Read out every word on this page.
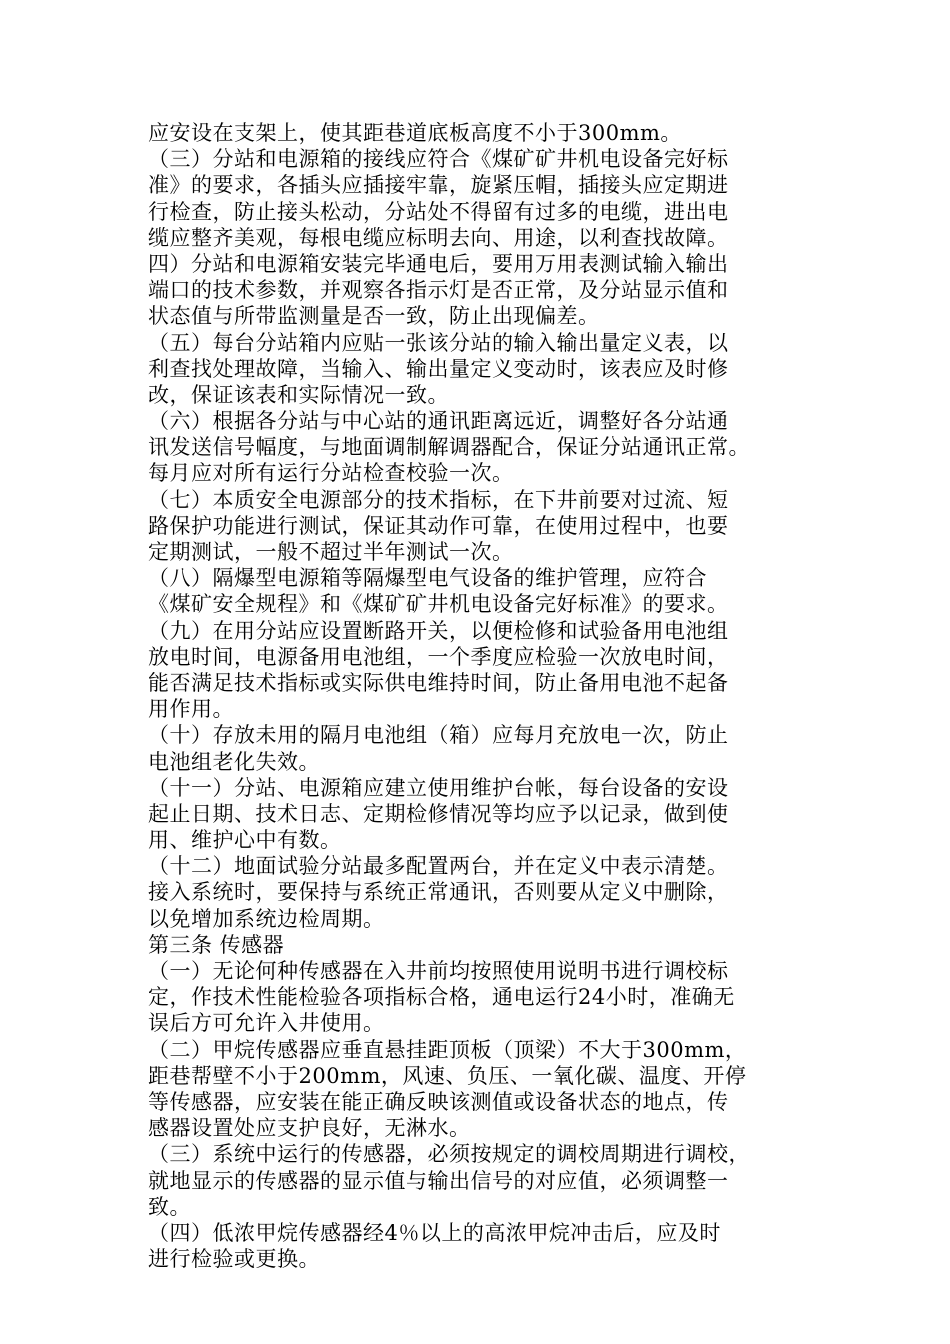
应安设在支架上，使其距巷道底板高度不小于300mm。
（三）分站和电源箱的接线应符合《煤矿矿井机电设备完好标
准》的要求，各插头应插接牢靠，旋紧压帽，插接头应定期进
行检查，防止接头松动，分站处不得留有过多的电缆，进出电
缆应整齐美观，每根电缆应标明去向、用途，以利查找故障。
四）分站和电源箱安装完毕通电后，要用万用表测试输入输出
端口的技术参数，并观察各指示灯是否正常，及分站显示值和
状态值与所带监测量是否一致，防止出现偏差。
（五）每台分站箱内应贴一张该分站的输入输出量定义表，以
利查找处理故障，当输入、输出量定义变动时，该表应及时修
改，保证该表和实际情况一致。
（六）根据各分站与中心站的通讯距离远近，调整好各分站通
讯发送信号幅度，与地面调制解调器配合，保证分站通讯正常。
每月应对所有运行分站检查校验一次。
（七）本质安全电源部分的技术指标，在下井前要对过流、短
路保护功能进行测试，保证其动作可靠，在使用过程中，也要
定期测试，一般不超过半年测试一次。
（八）隔爆型电源箱等隔爆型电气设备的维护管理，应符合
《煤矿安全规程》和《煤矿矿井机电设备完好标准》的要求。
（九）在用分站应设置断路开关，以便检修和试验备用电池组
放电时间，电源备用电池组，一个季度应检验一次放电时间，
能否满足技术指标或实际供电维持时间，防止备用电池不起备
用作用。
（十）存放未用的隔月电池组（箱）应每月充放电一次，防止
电池组老化失效。
（十一）分站、电源箱应建立使用维护台帐，每台设备的安设
起止日期、技术日志、定期检修情况等均应予以记录，做到使
用、维护心中有数。
（十二）地面试验分站最多配置两台，并在定义中表示清楚。
接入系统时，要保持与系统正常通讯，否则要从定义中删除，
以免增加系统边检周期。
第三条 传感器
（一）无论何种传感器在入井前均按照使用说明书进行调校标
定，作技术性能检验各项指标合格，通电运行24小时，准确无
误后方可允许入井使用。
（二）甲烷传感器应垂直悬挂距顶板（顶梁）不大于300mm，
距巷帮壁不小于200mm，风速、负压、一氧化碳、温度、开停
等传感器，应安装在能正确反映该测值或设备状态的地点，传
感器设置处应支护良好，无淋水。
（三）系统中运行的传感器，必须按规定的调校周期进行调校，
就地显示的传感器的显示值与输出信号的对应值，必须调整一
致。
（四）低浓甲烷传感器经4％以上的高浓甲烷冲击后，应及时
进行检验或更换。
